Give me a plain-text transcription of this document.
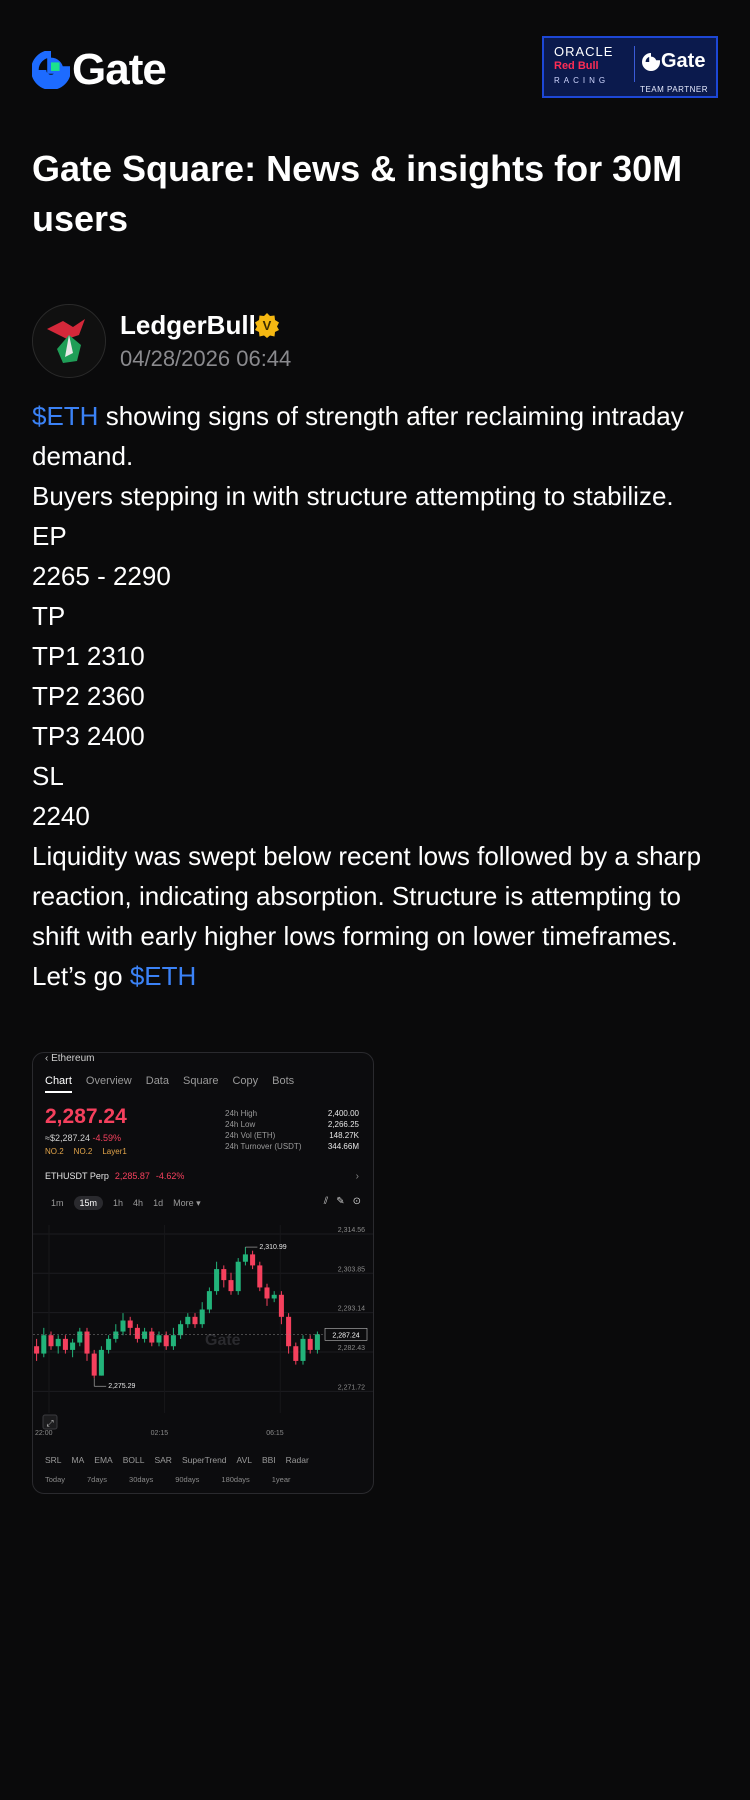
Gate	ORACLE
Red Bull
RACING
Gate
TEAM PARTNER
Gate Square: News & insights for 30M users
LedgerBull V
04/28/2026 06:44
$ETH showing signs of strength after reclaiming intraday demand.
Buyers stepping in with structure attempting to stabilize.
EP
2265 - 2290
TP
TP1 2310
TP2 2360
TP3 2400
SL
2240
Liquidity was swept below recent lows followed by a sharp reaction, indicating absorption. Structure is attempting to shift with early higher lows forming on lower timeframes.
Let’s go $ETH
‹ Ethereum
Chart Overview Data Square Copy Bots
2,287.24
≈$2,287.24 -4.59%
NO.2 NO.2 Layer1
24h High	2,400.00
24h Low	2,266.25
24h Vol (ETH)	148.27K
24h Turnover (USDT)	344.66M
ETHUSDT Perp 2,285.87 -4.62%	›
1m	15m	1h 4h 1d More ▾	⫽ ✎ ⊙
Gate
2,314.56
2,303.85
2,293.14
2,282.43
2,271.72
22:00	02:15	06:15
2,310.99
2,275.29
2,287.24
⤢
SRL MA EMA BOLL SAR SuperTrend AVL BBI Radar
Today	7days	30days	90days	180days	1year
